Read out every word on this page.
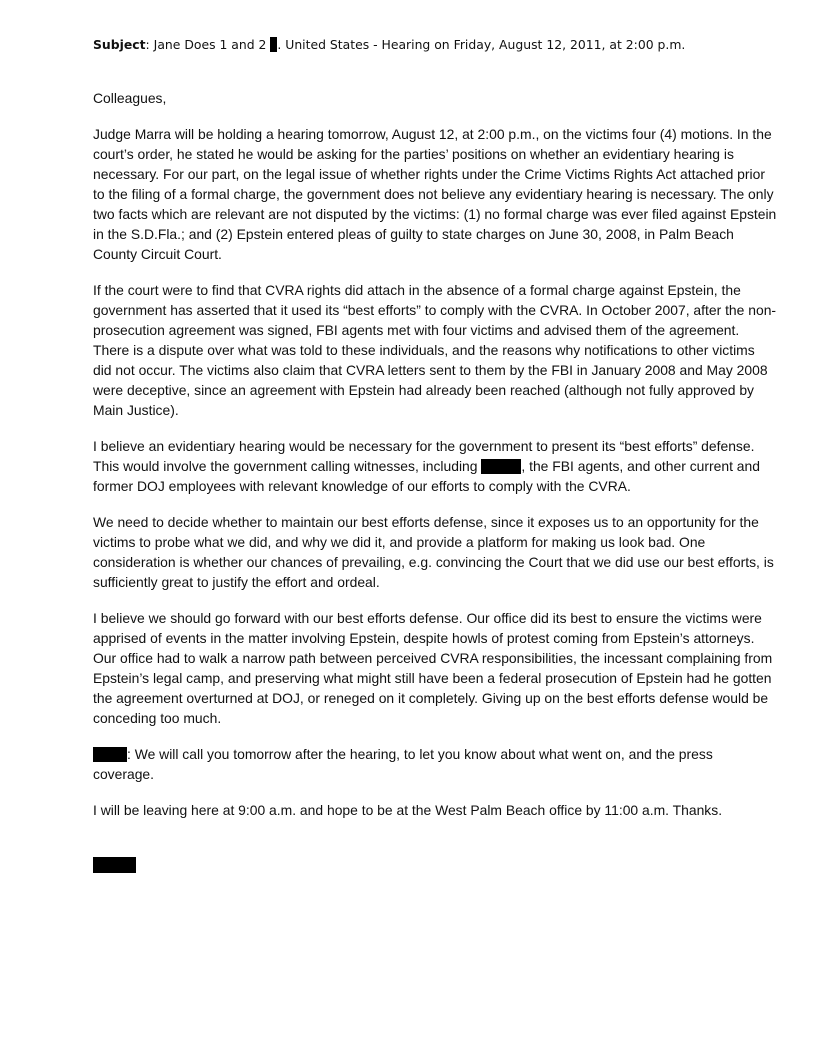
Subject: Jane Does 1 and 2 . United States - Hearing on Friday, August 12, 2011, at 2:00 p.m.

Colleagues,

Judge Marra will be holding a hearing tomorrow, August 12, at 2:00 p.m., on the victims four (4) motions. In the court’s order, he stated he would be asking for the parties’ positions on whether an evidentiary hearing is necessary. For our part, on the legal issue of whether rights under the Crime Victims Rights Act attached prior to the filing of a formal charge, the government does not believe any evidentiary hearing is necessary. The only two facts which are relevant are not disputed by the victims: (1) no formal charge was ever filed against Epstein in the S.D.Fla.; and (2) Epstein entered pleas of guilty to state charges on June 30, 2008, in Palm Beach County Circuit Court.

If the court were to find that CVRA rights did attach in the absence of a formal charge against Epstein, the government has asserted that it used its “best efforts” to comply with the CVRA. In October 2007, after the non-prosecution agreement was signed, FBI agents met with four victims and advised them of the agreement. There is a dispute over what was told to these individuals, and the reasons why notifications to other victims did not occur. The victims also claim that CVRA letters sent to them by the FBI in January 2008 and May 2008 were deceptive, since an agreement with Epstein had already been reached (although not fully approved by Main Justice).

I believe an evidentiary hearing would be necessary for the government to present its “best efforts” defense. This would involve the government calling witnesses, including	, the FBI agents, and other current and former DOJ employees with relevant knowledge of our efforts to comply with the CVRA.

We need to decide whether to maintain our best efforts defense, since it exposes us to an opportunity for the victims to probe what we did, and why we did it, and provide a platform for making us look bad. One consideration is whether our chances of prevailing, e.g. convincing the Court that we did use our best efforts, is sufficiently great to justify the effort and ordeal.

I believe we should go forward with our best efforts defense. Our office did its best to ensure the victims were apprised of events in the matter involving Epstein, despite howls of protest coming from Epstein’s attorneys. Our office had to walk a narrow path between perceived CVRA responsibilities, the incessant complaining from Epstein’s legal camp, and preserving what might still have been a federal prosecution of Epstein had he gotten the agreement overturned at DOJ, or reneged on it completely. Giving up on the best efforts defense would be conceding too much.

: We will call you tomorrow after the hearing, to let you know about what went on, and the press coverage.

I will be leaving here at 9:00 a.m. and hope to be at the West Palm Beach office by 11:00 a.m. Thanks.
